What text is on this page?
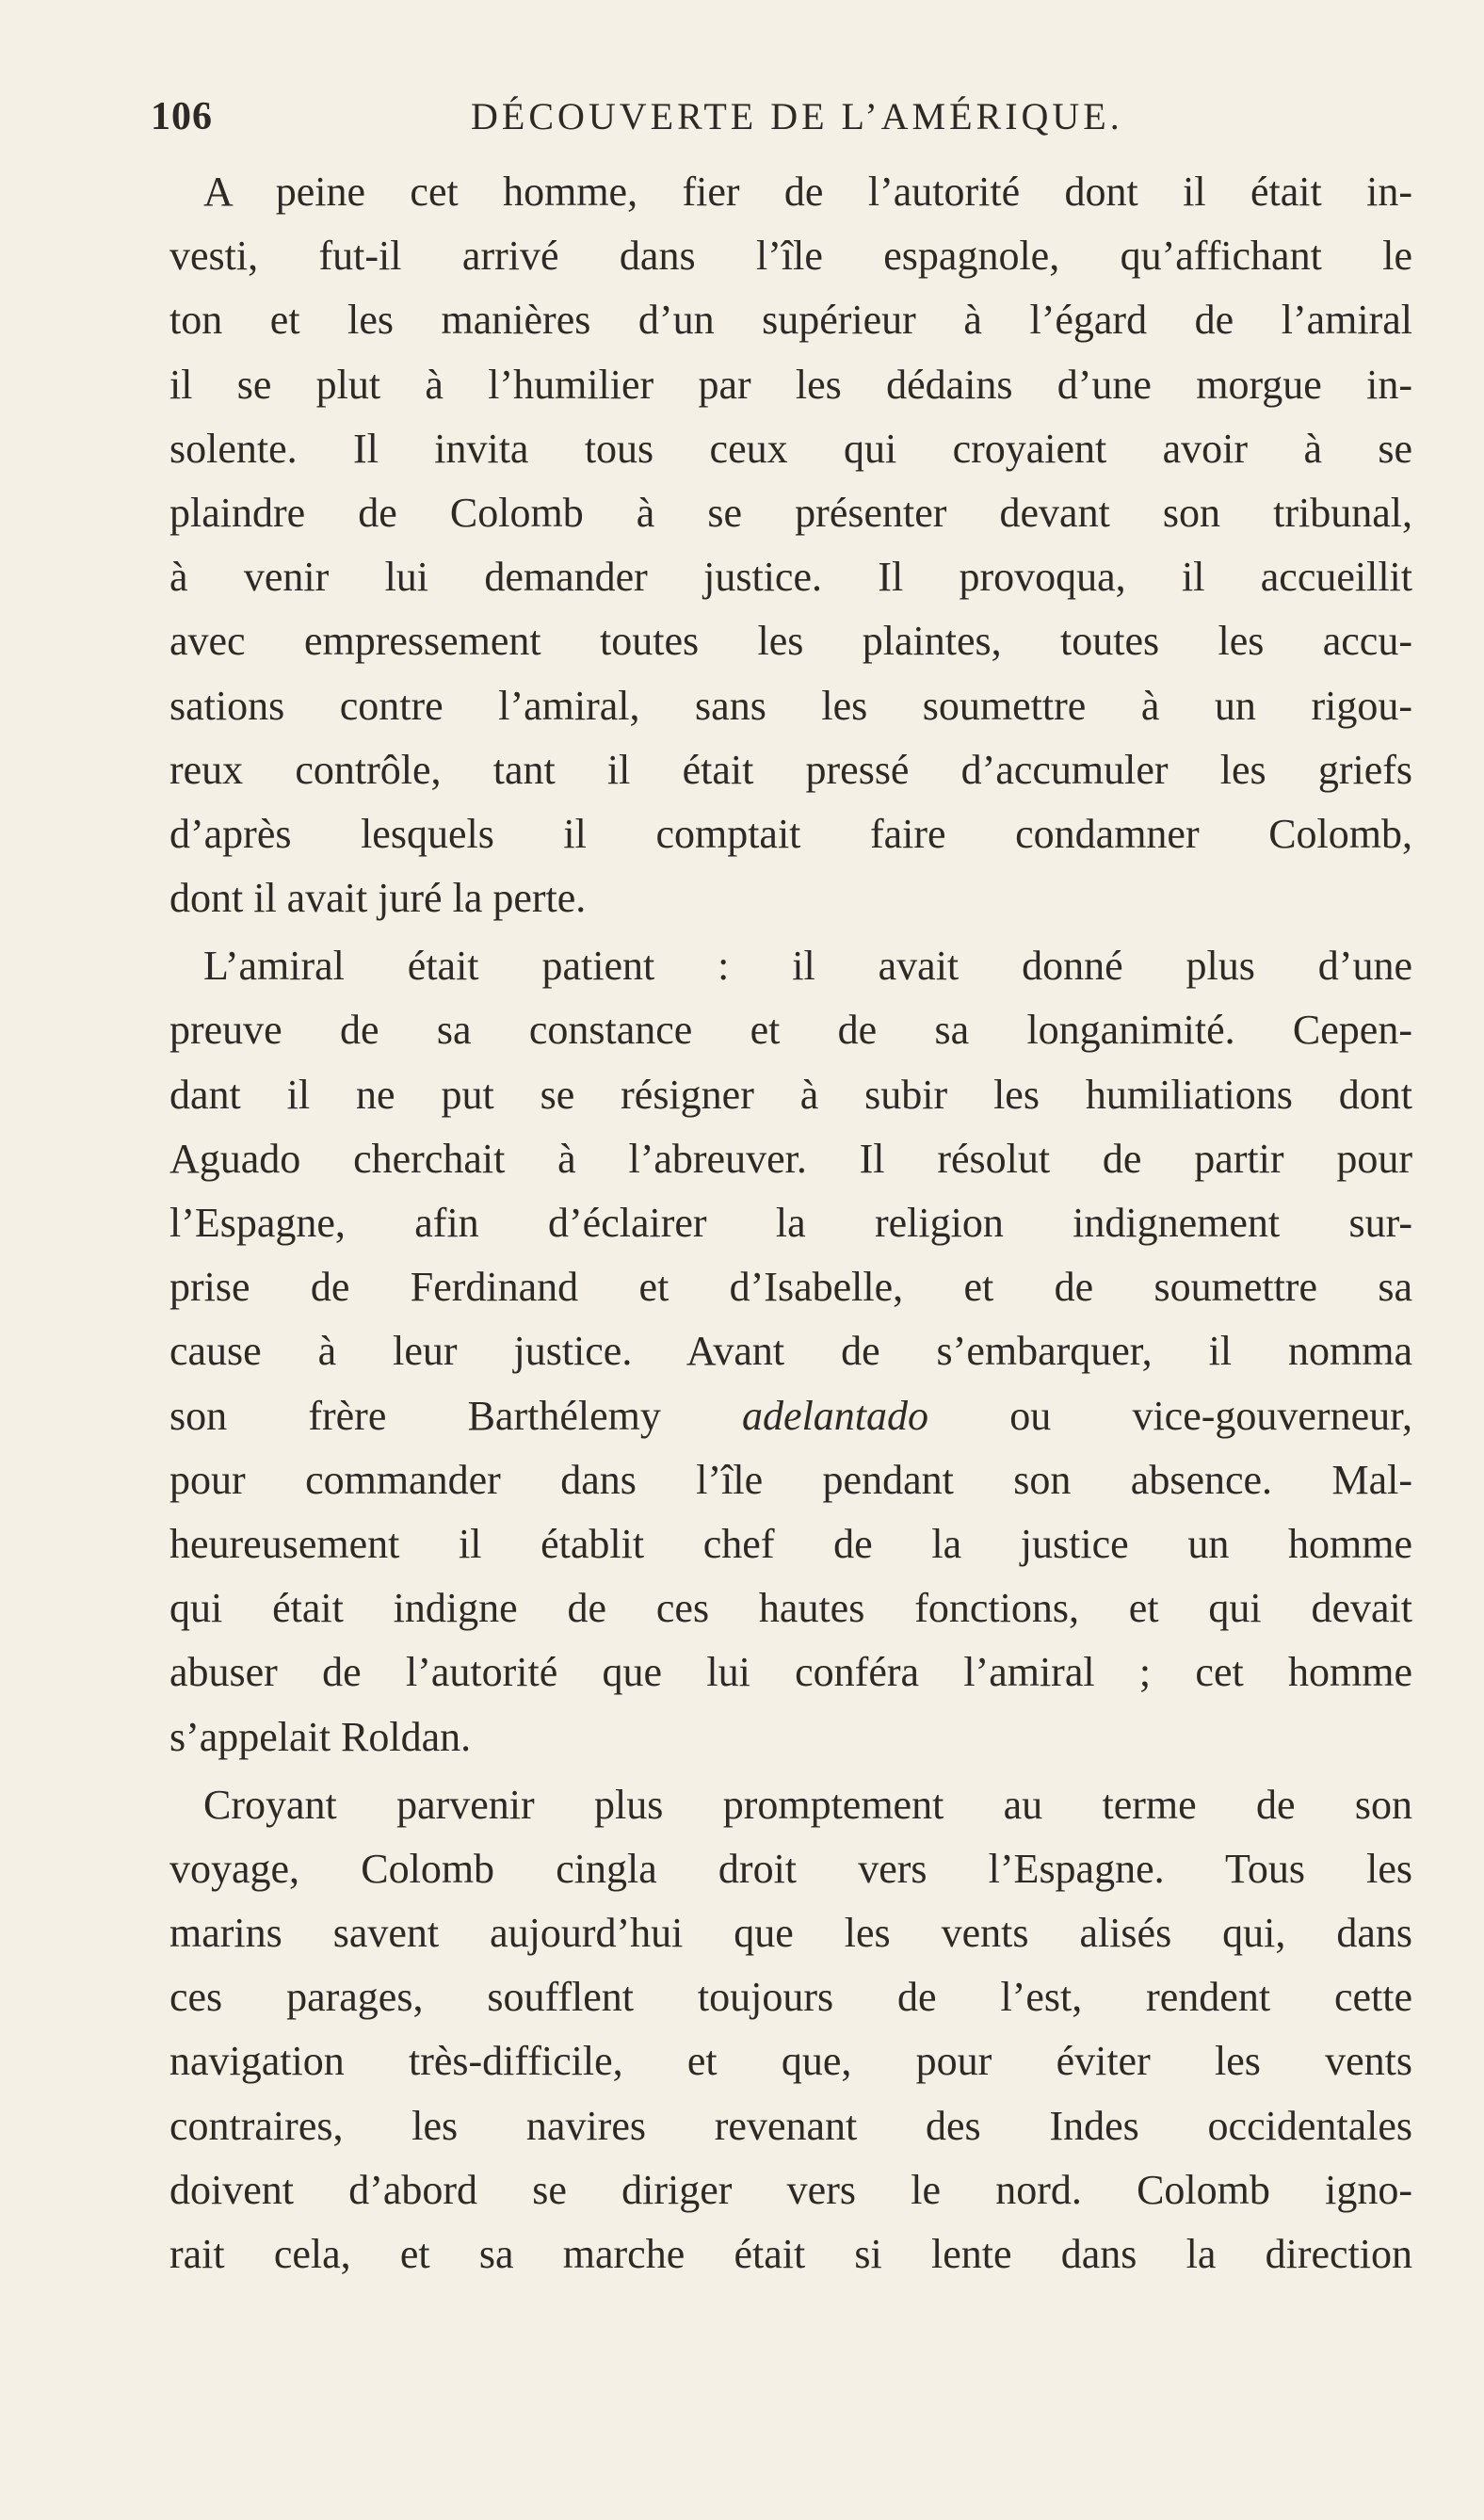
106	DÉCOUVERTE DE L’AMÉRIQUE.
A peine cet homme, fier de l’autorité dont il était in-
vesti, fut-il arrivé dans l’île espagnole, qu’affichant le
ton et les manières d’un supérieur à l’égard de l’amiral
il se plut à l’humilier par les dédains d’une morgue in-
solente. Il invita tous ceux qui croyaient avoir à se
plaindre de Colomb à se présenter devant son tribunal,
à venir lui demander justice. Il provoqua, il accueillit
avec empressement toutes les plaintes, toutes les accu-
sations contre l’amiral, sans les soumettre à un rigou-
reux contrôle, tant il était pressé d’accumuler les griefs
d’après lesquels il comptait faire condamner Colomb,
dont il avait juré la perte.
L’amiral était patient : il avait donné plus d’une
preuve de sa constance et de sa longanimité. Cepen-
dant il ne put se résigner à subir les humiliations dont
Aguado cherchait à l’abreuver. Il résolut de partir pour
l’Espagne, afin d’éclairer la religion indignement sur-
prise de Ferdinand et d’Isabelle, et de soumettre sa
cause à leur justice. Avant de s’embarquer, il nomma
son frère Barthélemy adelantado ou vice-gouverneur,
pour commander dans l’île pendant son absence. Mal-
heureusement il établit chef de la justice un homme
qui était indigne de ces hautes fonctions, et qui devait
abuser de l’autorité que lui conféra l’amiral ; cet homme
s’appelait Roldan.
Croyant parvenir plus promptement au terme de son
voyage, Colomb cingla droit vers l’Espagne. Tous les
marins savent aujourd’hui que les vents alisés qui, dans
ces parages, soufflent toujours de l’est, rendent cette
navigation très-difficile, et que, pour éviter les vents
contraires, les navires revenant des Indes occidentales
doivent d’abord se diriger vers le nord. Colomb igno-
rait cela, et sa marche était si lente dans la direction
